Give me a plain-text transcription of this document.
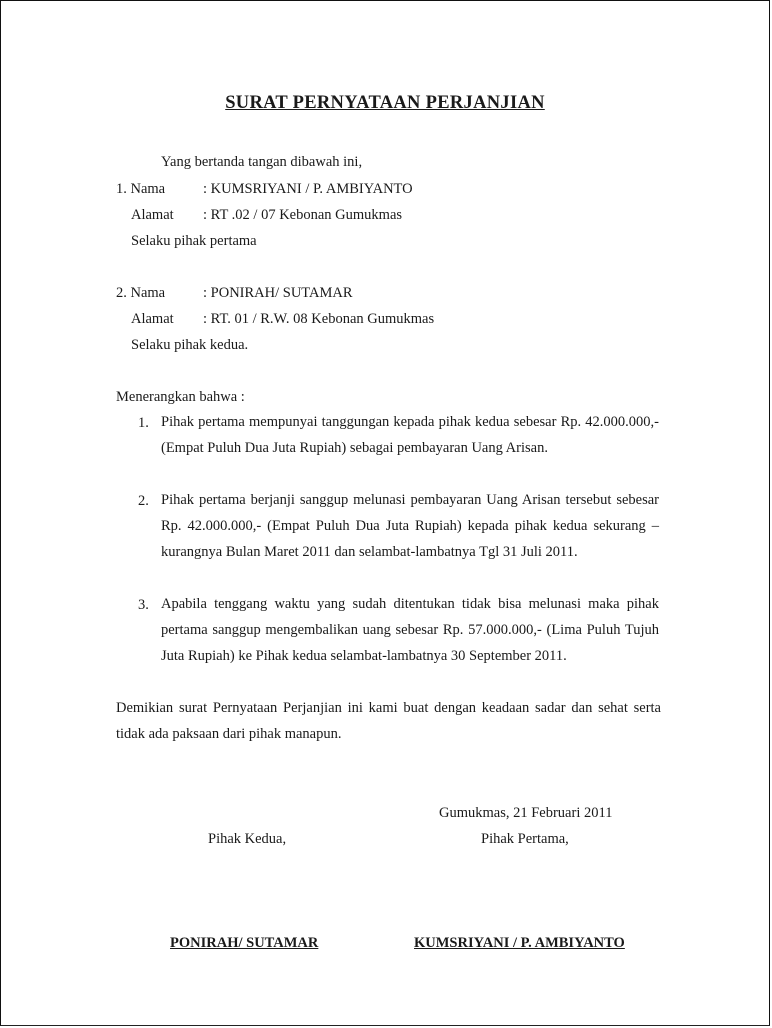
SURAT PERNYATAAN PERJANJIAN
Yang bertanda tangan dibawah ini,
1. Nama	: KUMSRIYANI / P. AMBIYANTO
Alamat : RT .02 / 07 Kebonan Gumukmas
Selaku pihak pertama
2. Nama	: PONIRAH/ SUTAMAR
Alamat : RT. 01 / R.W. 08 Kebonan Gumukmas
Selaku pihak kedua.
Menerangkan bahwa :
1. Pihak pertama mempunyai tanggungan kepada pihak kedua sebesar Rp. 42.000.000,- (Empat Puluh Dua Juta Rupiah) sebagai pembayaran Uang Arisan.
2. Pihak pertama berjanji sanggup melunasi pembayaran Uang Arisan tersebut sebesar Rp. 42.000.000,- (Empat Puluh Dua Juta Rupiah) kepada pihak kedua sekurang – kurangnya Bulan Maret 2011 dan selambat-lambatnya Tgl 31 Juli 2011.
3. Apabila tenggang waktu yang sudah ditentukan tidak bisa melunasi maka pihak pertama sanggup mengembalikan uang sebesar Rp. 57.000.000,- (Lima Puluh Tujuh Juta Rupiah) ke Pihak kedua selambat-lambatnya 30 September 2011.
Demikian surat Pernyataan Perjanjian ini kami buat dengan keadaan sadar dan sehat serta tidak ada paksaan dari pihak manapun.
Gumukmas, 21 Februari 2011
Pihak Kedua,	Pihak Pertama,
PONIRAH/ SUTAMAR	KUMSRIYANI / P. AMBIYANTO
